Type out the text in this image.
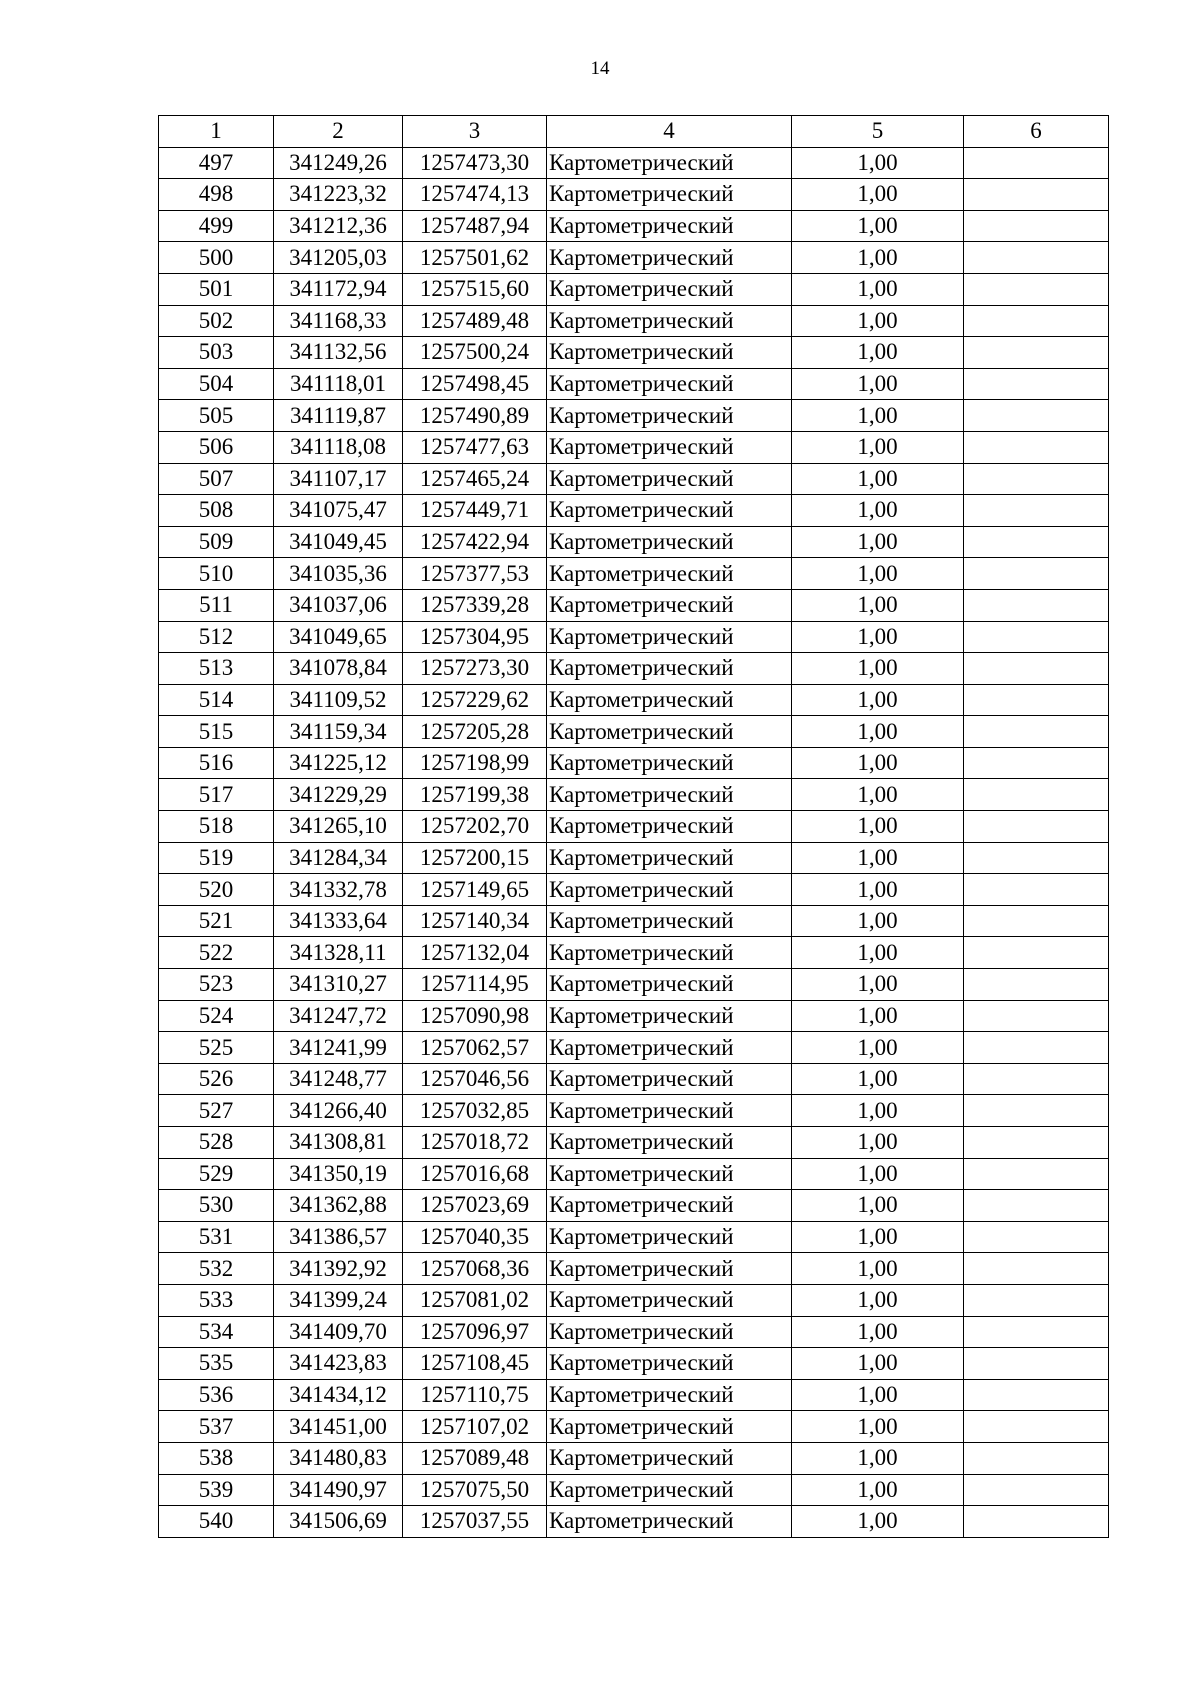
14
1	2	3	4	5	6
497	341249,26	1257473,30	Картометрический	1,00	
498	341223,32	1257474,13	Картометрический	1,00	
499	341212,36	1257487,94	Картометрический	1,00	
500	341205,03	1257501,62	Картометрический	1,00	
501	341172,94	1257515,60	Картометрический	1,00	
502	341168,33	1257489,48	Картометрический	1,00	
503	341132,56	1257500,24	Картометрический	1,00	
504	341118,01	1257498,45	Картометрический	1,00	
505	341119,87	1257490,89	Картометрический	1,00	
506	341118,08	1257477,63	Картометрический	1,00	
507	341107,17	1257465,24	Картометрический	1,00	
508	341075,47	1257449,71	Картометрический	1,00	
509	341049,45	1257422,94	Картометрический	1,00	
510	341035,36	1257377,53	Картометрический	1,00	
511	341037,06	1257339,28	Картометрический	1,00	
512	341049,65	1257304,95	Картометрический	1,00	
513	341078,84	1257273,30	Картометрический	1,00	
514	341109,52	1257229,62	Картометрический	1,00	
515	341159,34	1257205,28	Картометрический	1,00	
516	341225,12	1257198,99	Картометрический	1,00	
517	341229,29	1257199,38	Картометрический	1,00	
518	341265,10	1257202,70	Картометрический	1,00	
519	341284,34	1257200,15	Картометрический	1,00	
520	341332,78	1257149,65	Картометрический	1,00	
521	341333,64	1257140,34	Картометрический	1,00	
522	341328,11	1257132,04	Картометрический	1,00	
523	341310,27	1257114,95	Картометрический	1,00	
524	341247,72	1257090,98	Картометрический	1,00	
525	341241,99	1257062,57	Картометрический	1,00	
526	341248,77	1257046,56	Картометрический	1,00	
527	341266,40	1257032,85	Картометрический	1,00	
528	341308,81	1257018,72	Картометрический	1,00	
529	341350,19	1257016,68	Картометрический	1,00	
530	341362,88	1257023,69	Картометрический	1,00	
531	341386,57	1257040,35	Картометрический	1,00	
532	341392,92	1257068,36	Картометрический	1,00	
533	341399,24	1257081,02	Картометрический	1,00	
534	341409,70	1257096,97	Картометрический	1,00	
535	341423,83	1257108,45	Картометрический	1,00	
536	341434,12	1257110,75	Картометрический	1,00	
537	341451,00	1257107,02	Картометрический	1,00	
538	341480,83	1257089,48	Картометрический	1,00	
539	341490,97	1257075,50	Картометрический	1,00	
540	341506,69	1257037,55	Картометрический	1,00	
